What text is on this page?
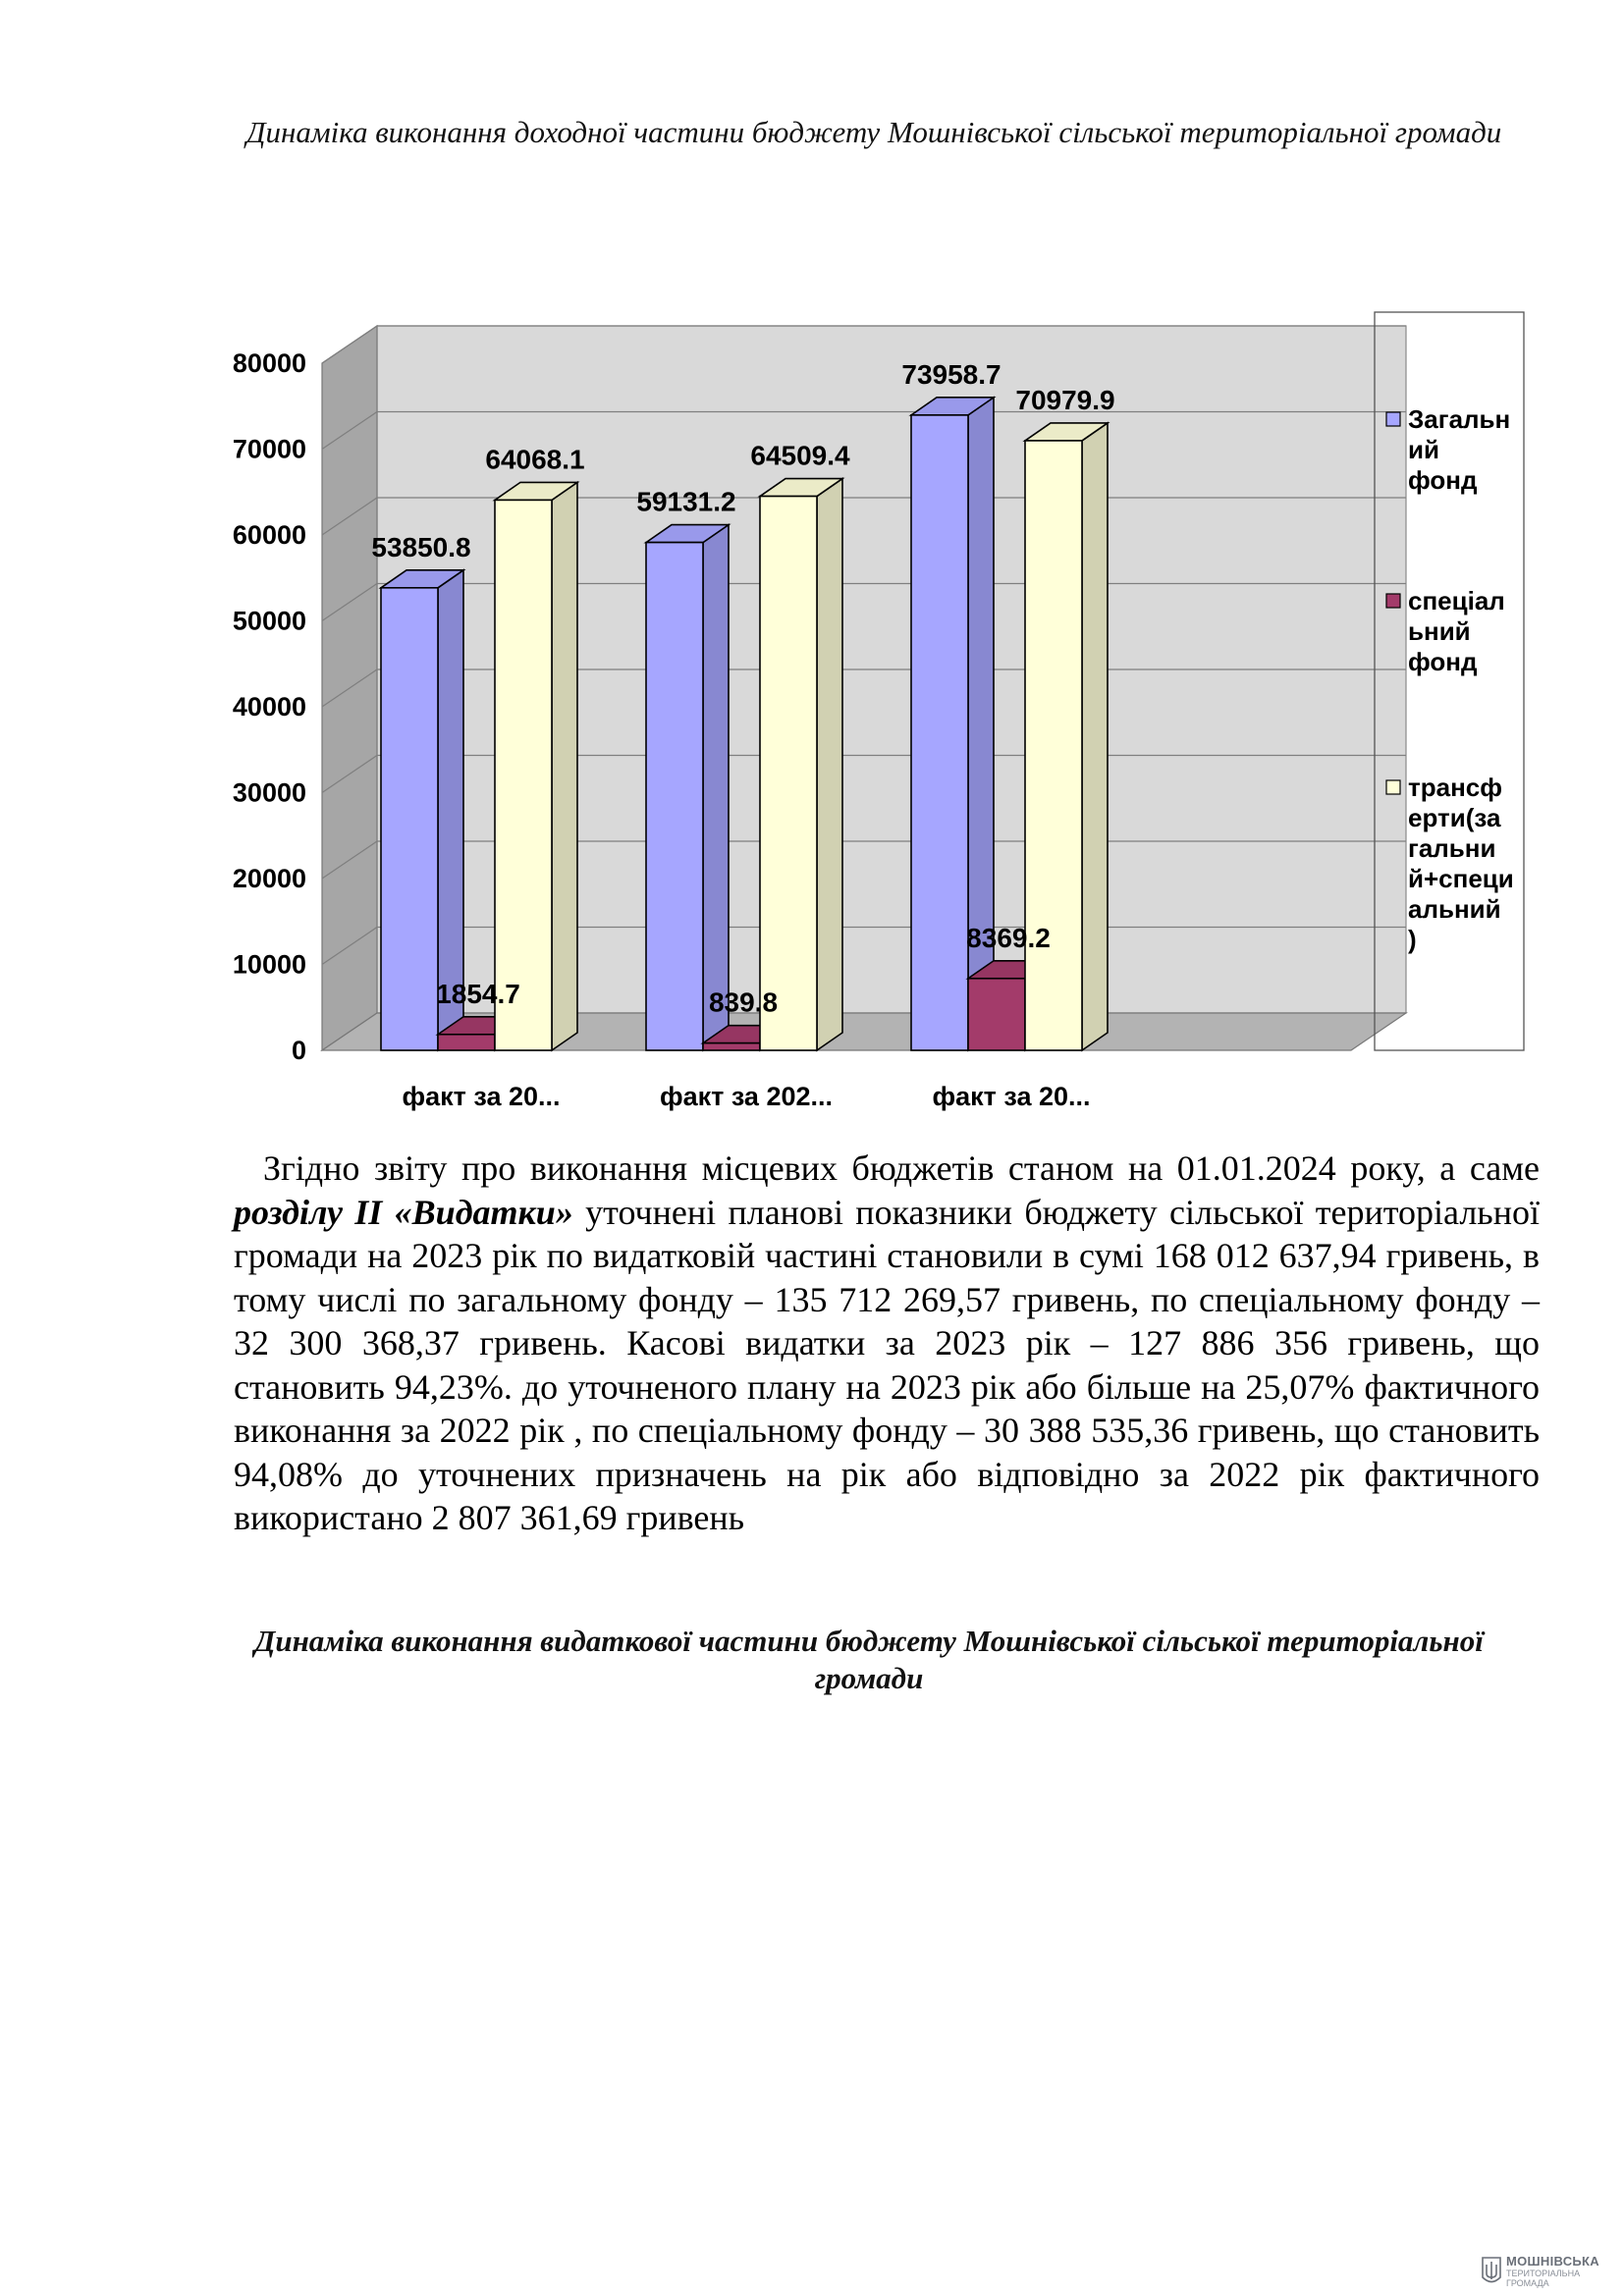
Динаміка виконання доходної частини бюджету Мошнівської сільської територіальної громади
0
10000
20000
30000
40000
50000
60000
70000
80000
53850.8
59131.2
73958.7
1854.7	839.8
8369.2
64068.1	64509.4
70979.9
факт за 20...	факт за 202...	факт за 20...
Загальн
ий
фонд
спеціал
ьний
фонд
трансф
ерти(за
гальни
й+специ
альний
)
Згідно звіту про виконання місцевих бюджетів станом на 01.01.2024 року, а саме розділу ІІ «Видатки» уточнені планові показники бюджету сільської територіальної громади на 2023 рік по видатковій частині становили в сумі 168 012 637,94 гривень, в тому числі по загальному фонду – 135 712 269,57 гривень, по спеціальному фонду – 32 300 368,37 гривень. Касові видатки за 2023 рік – 127 886 356 гривень, що становить 94,23%. до уточненого плану на 2023 рік або більше на 25,07% фактичного виконання за 2022 рік , по спеціальному фонду – 30 388 535,36 гривень, що становить 94,08% до уточнених призначень на рік або відповідно за 2022 рік фактичного використано 2 807 361,69 гривень
Динаміка виконання видаткової частини бюджету Мошнівської сільської територіальної громади
МОШНІВСЬКА
ТЕРИТОРІАЛЬНА
ГРОМАДА
